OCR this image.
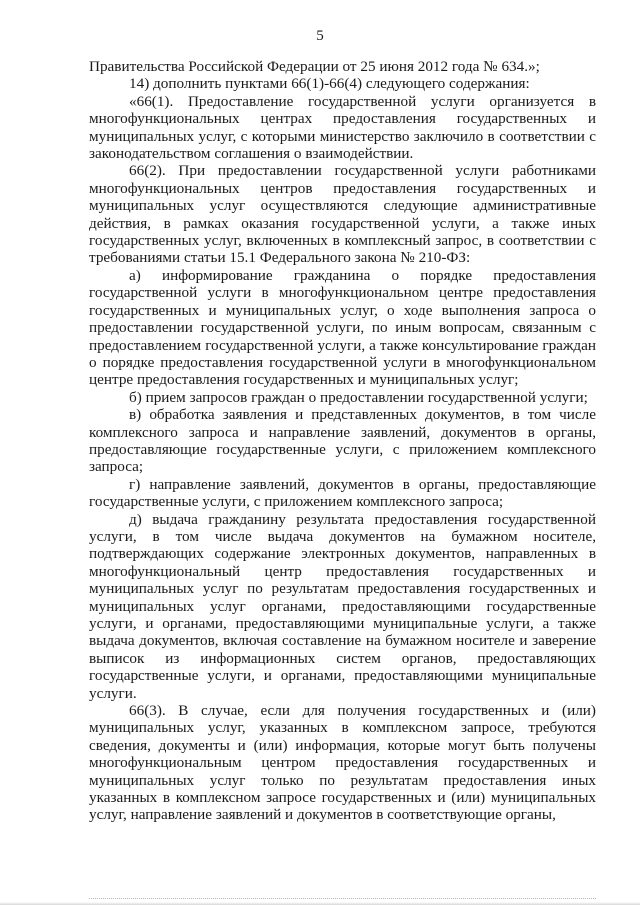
5

Правительства Российской Федерации от 25 июня 2012 года № 634.»;

14) дополнить пунктами 66(1)-66(4) следующего содержания:

«66(1). Предоставление государственной услуги организуется в многофункциональных центрах предоставления государственных и муниципальных услуг, с которыми министерство заключило в соответствии с законодательством соглашения о взаимодействии.

66(2). При предоставлении государственной услуги работниками многофункциональных центров предоставления государственных и муниципальных услуг осуществляются следующие административные действия, в рамках оказания государственной услуги, а также иных государственных услуг, включенных в комплексный запрос, в соответствии с требованиями статьи 15.1 Федерального закона № 210-ФЗ:

а) информирование гражданина о порядке предоставления государственной услуги в многофункциональном центре предоставления государственных и муниципальных услуг, о ходе выполнения запроса о предоставлении государственной услуги, по иным вопросам, связанным с предоставлением государственной услуги, а также консультирование граждан о порядке предоставления государственной услуги в многофункциональном центре предоставления государственных и муниципальных услуг;

б) прием запросов граждан о предоставлении государственной услуги;

в) обработка заявления и представленных документов, в том числе комплексного запроса и направление заявлений, документов в органы, предоставляющие государственные услуги, с приложением комплексного запроса;

г) направление заявлений, документов в органы, предоставляющие государственные услуги, с приложением комплексного запроса;

д) выдача гражданину результата предоставления государственной услуги, в том числе выдача документов на бумажном носителе, подтверждающих содержание электронных документов, направленных в многофункциональный центр предоставления государственных и муниципальных услуг по результатам предоставления государственных и муниципальных услуг органами, предоставляющими государственные услуги, и органами, предоставляющими муниципальные услуги, а также выдача документов, включая составление на бумажном носителе и заверение выписок из информационных систем органов, предоставляющих государственные услуги, и органами, предоставляющими муниципальные услуги.

66(3). В случае, если для получения государственных и (или) муниципальных услуг, указанных в комплексном запросе, требуются сведения, документы и (или) информация, которые могут быть получены многофункциональным центром предоставления государственных и муниципальных услуг только по результатам предоставления иных указанных в комплексном запросе государственных и (или) муниципальных услуг, направление заявлений и документов в соответствующие органы,
